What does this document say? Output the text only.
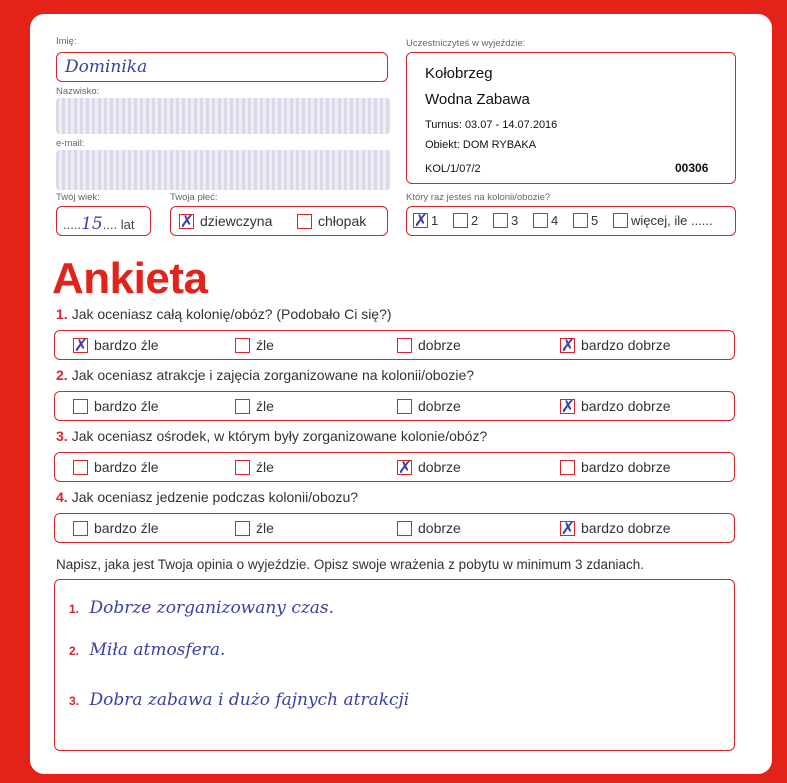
Imię:
Dominika
Nazwisko:
e-mail:
Twój wiek:
.....15.... lat
Twoja płeć:
✗ dziewczyna	chłopak
Uczestniczyteś w wyjeździe:
Kołobrzeg
Wodna Zabawa
Turnus: 03.07 - 14.07.2016
Obiekt: DOM RYBAKA
KOL/1/07/2	00306
Który raz jesteś na kolonii/obozie?
✗ 1	2	3	4	5	więcej, ile ......
Ankieta
1. Jak oceniasz całą kolonię/obóz? (Podobało Ci się?)
✗ bardzo źle	źle	dobrze	✗ bardzo dobrze
2. Jak oceniasz atrakcje i zajęcia zorganizowane na kolonii/obozie?
bardzo źle	źle	dobrze	✗ bardzo dobrze
3. Jak oceniasz ośrodek, w którym były zorganizowane kolonie/obóz?
bardzo źle	źle	✗ dobrze	bardzo dobrze
4. Jak oceniasz jedzenie podczas kolonii/obozu?
bardzo źle	źle	dobrze	✗ bardzo dobrze
Napisz, jaka jest Twoja opinia o wyjeździe. Opisz swoje wrażenia z pobytu w minimum 3 zdaniach.
1. Dobrze zorganizowany czas.
2. Miła atmosfera.
3. Dobra zabawa i dużo fajnych atrakcji
